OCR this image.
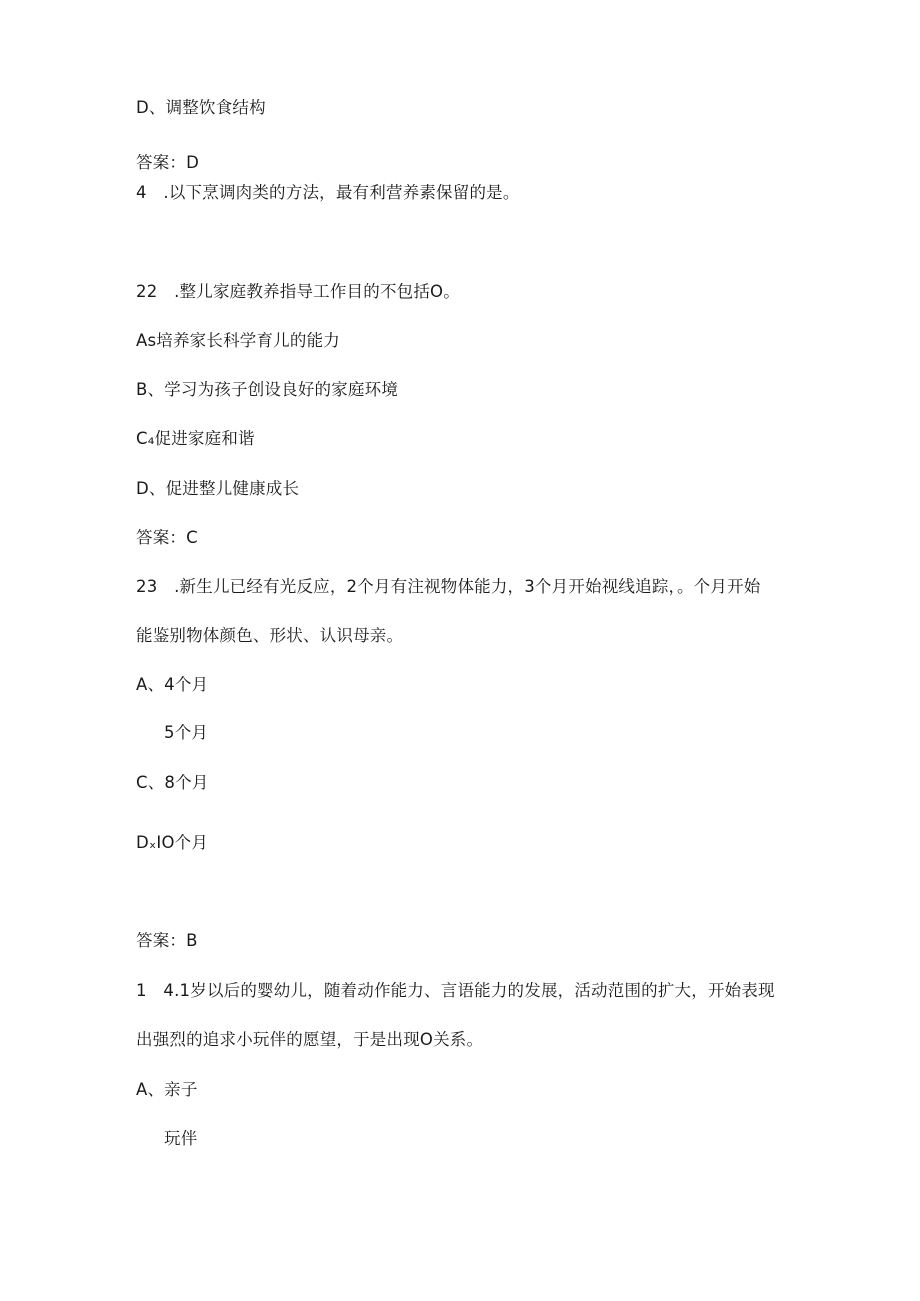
D、调整饮食结构
答案：D
4 .以下烹调肉类的方法，最有利营养素保留的是。
22 .整儿家庭教养指导工作目的不包括O。
As培养家长科学育儿的能力
B、学习为孩子创设良好的家庭环境
C₄促进家庭和谐
D、促进整儿健康成长
答案：C
23 .新生儿已经有光反应，2个月有注视物体能力，3个月开始视线追踪，。个月开始
能鉴别物体颜色、形状、认识母亲。
A、4个月
5个月
C、8个月
DₓIO个月
答案：B
1 4.1岁以后的婴幼儿，随着动作能力、言语能力的发展，活动范围的扩大，开始表现
出强烈的追求小玩伴的愿望，于是出现O关系。
A、亲子
玩伴
